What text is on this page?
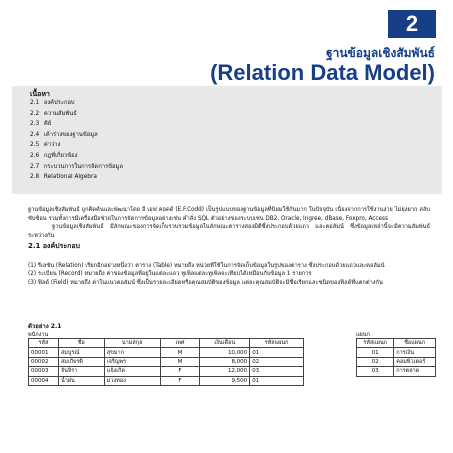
2
ฐานข้อมูลเชิงสัมพันธ์
(Relation Data Model)
เนื้อหา
2.1 องค์ประกอบ
2.2 ความสัมพันธ์
2.3 คีย์
2.4 เค้าร่างของฐานข้อมูล
2.5 ค่าว่าง
2.6 กฎที่เกี่ยวข้อง
2.7 กระบวนการในการจัดการข้อมูล
2.8 Relational Algebra
ฐานข้อมูลเชิงสัมพันธ์ ถูกคิดค้นและพัฒนาโดย อี เอฟ คอดด์ (E.F.Codd) เป็นรูปแบบของฐานข้อมูลที่นิยมใช้กันมาก ในปัจจุบัน เนื่องจากการใช้งานง่าย ไม่ยุ่งยาก สลับซับซ้อน รวมทั้งการมีเครื่องมือช่วยในการจัดการข้อมูลอย่างเช่น คำสั่ง SQL ตัวอย่างของระบบเช่น DB2, Oracle, Ingree, dBase, Foxpro, Access
ฐานข้อมูลเชิงสัมพันธ์ มีลักษณะของการจัดเก็บรวบรวมข้อมูลในลักษณะตารางสองมิติซึ่งประกอบด้วยแถว และคอลัมน์ ซึ่งข้อมูลเหล่านี้จะมีความสัมพันธ์ระหว่างกัน
2.1 องค์ประกอบ
(1) รีเลชัน (Relation) เรียกอีกอย่างหนึ่งว่า ตาราง (Table) หมายถึง หน่วยที่ใช้ในการจัดเก็บข้อมูลในรูปของตาราง ซึ่งประกอบด้วยแถวและคอลัมน์
(2) ระเบียน (Record) หมายถึง ค่าของข้อมูลที่อยู่ในแต่ละแถว ทูเพิลแต่ละทูเพิลจะเทียบได้เหมือนกับข้อมูล 1 รายการ
(3) ฟิลด์ (Field) หมายถึง ค่าในแนวคอลัมน์ ซึ่งเป็นรายละเอียดหรือคุณสมบัติของข้อมูล แต่ละคุณสมบัติจะมีชื่อเรียกและชนิดของฟิลด์ที่แตกต่างกัน
ตัวอย่าง 2.1
พนักงาน	แผนก
รหัส	ชื่อ	นามสกุล	เพศ	เงินเดือน	รหัสแผนก
00001	สมบูรณ์	สุขมาก	M	10,000	01
00002	สมเกียรติ	เจริญพร	M	8,000	02
00003	จันจิรา	แจ้งเกิด	F	12,000	03
00004	น้ำฝน	ม่วงทอง	F	9,500	01
รหัสแผนก	ชื่อแผนก
01	การเงิน
02	คอมพิวเตอร์
03	การตลาด
